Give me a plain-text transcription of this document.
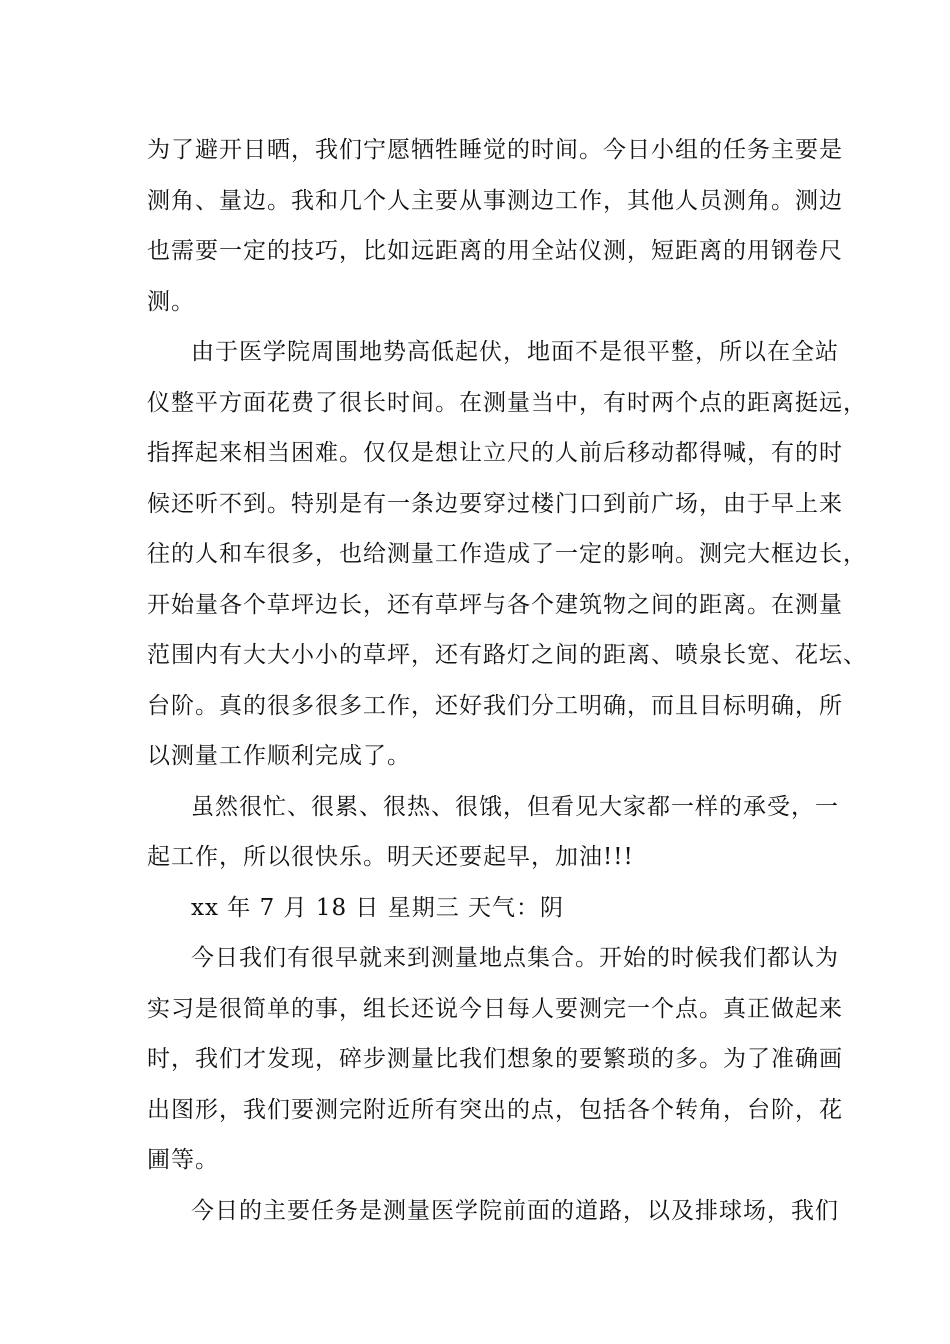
为了避开日晒，我们宁愿牺牲睡觉的时间。今日小组的任务主要是
测角、量边。我和几个人主要从事测边工作，其他人员测角。测边
也需要一定的技巧，比如远距离的用全站仪测，短距离的用钢卷尺
测。
由于医学院周围地势高低起伏，地面不是很平整，所以在全站
仪整平方面花费了很长时间。在测量当中，有时两个点的距离挺远，
指挥起来相当困难。仅仅是想让立尺的人前后移动都得喊，有的时
候还听不到。特别是有一条边要穿过楼门口到前广场，由于早上来
往的人和车很多，也给测量工作造成了一定的影响。测完大框边长，
开始量各个草坪边长，还有草坪与各个建筑物之间的距离。在测量
范围内有大大小小的草坪，还有路灯之间的距离、喷泉长宽、花坛、
台阶。真的很多很多工作，还好我们分工明确，而且目标明确，所
以测量工作顺利完成了。
虽然很忙、很累、很热、很饿，但看见大家都一样的承受，一
起工作，所以很快乐。明天还要起早，加油!!!
xx 年 7 月 18 日 星期三 天气：阴
今日我们有很早就来到测量地点集合。开始的时候我们都认为
实习是很简单的事，组长还说今日每人要测完一个点。真正做起来
时，我们才发现，碎步测量比我们想象的要繁琐的多。为了准确画
出图形，我们要测完附近所有突出的点，包括各个转角，台阶，花
圃等。
今日的主要任务是测量医学院前面的道路，以及排球场，我们
